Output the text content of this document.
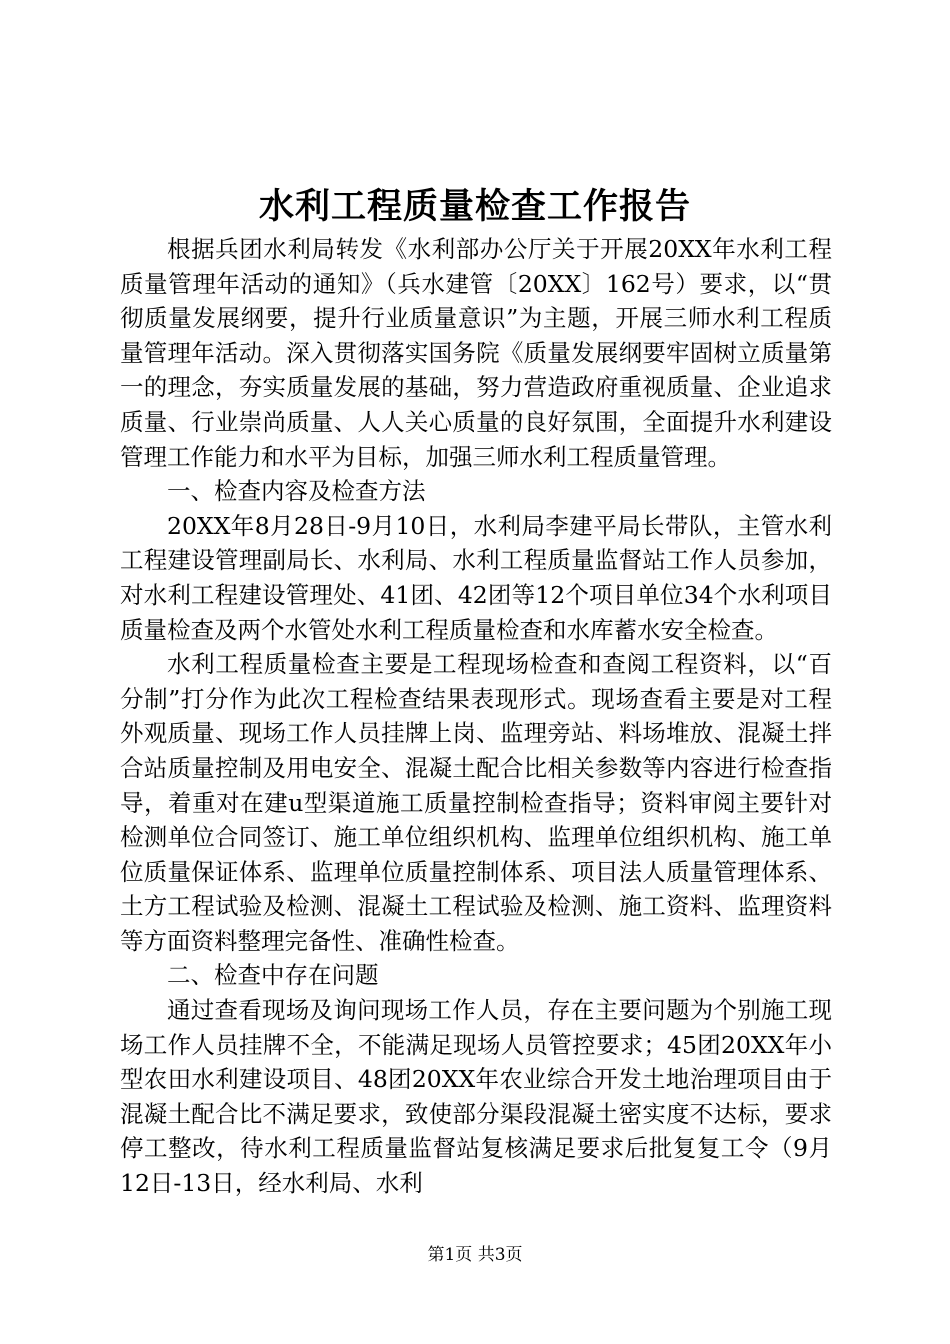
水利工程质量检查工作报告

根据兵团水利局转发《水利部办公厅关于开展20XX年水利工程质量管理年活动的通知》（兵水建管〔20XX〕162号）要求，以“贯彻质量发展纲要，提升行业质量意识”为主题，开展三师水利工程质量管理年活动。深入贯彻落实国务院《质量发展纲要牢固树立质量第一的理念，夯实质量发展的基础，努力营造政府重视质量、企业追求质量、行业崇尚质量、人人关心质量的良好氛围，全面提升水利建设管理工作能力和水平为目标，加强三师水利工程质量管理。

一、检查内容及检查方法

20XX年8月28日-9月10日，水利局李建平局长带队，主管水利工程建设管理副局长、水利局、水利工程质量监督站工作人员参加，对水利工程建设管理处、41团、42团等12个项目单位34个水利项目质量检查及两个水管处水利工程质量检查和水库蓄水安全检查。

水利工程质量检查主要是工程现场检查和查阅工程资料，以“百分制”打分作为此次工程检查结果表现形式。现场查看主要是对工程外观质量、现场工作人员挂牌上岗、监理旁站、料场堆放、混凝土拌合站质量控制及用电安全、混凝土配合比相关参数等内容进行检查指导，着重对在建u型渠道施工质量控制检查指导；资料审阅主要针对检测单位合同签订、施工单位组织机构、监理单位组织机构、施工单位质量保证体系、监理单位质量控制体系、项目法人质量管理体系、土方工程试验及检测、混凝土工程试验及检测、施工资料、监理资料等方面资料整理完备性、准确性检查。

二、检查中存在问题

通过查看现场及询问现场工作人员，存在主要问题为个别施工现场工作人员挂牌不全，不能满足现场人员管控要求；45团20XX年小型农田水利建设项目、48团20XX年农业综合开发土地治理项目由于混凝土配合比不满足要求，致使部分渠段混凝土密实度不达标，要求停工整改，待水利工程质量监督站复核满足要求后批复复工令（9月12日-13日，经水利局、水利

第1页 共3页
